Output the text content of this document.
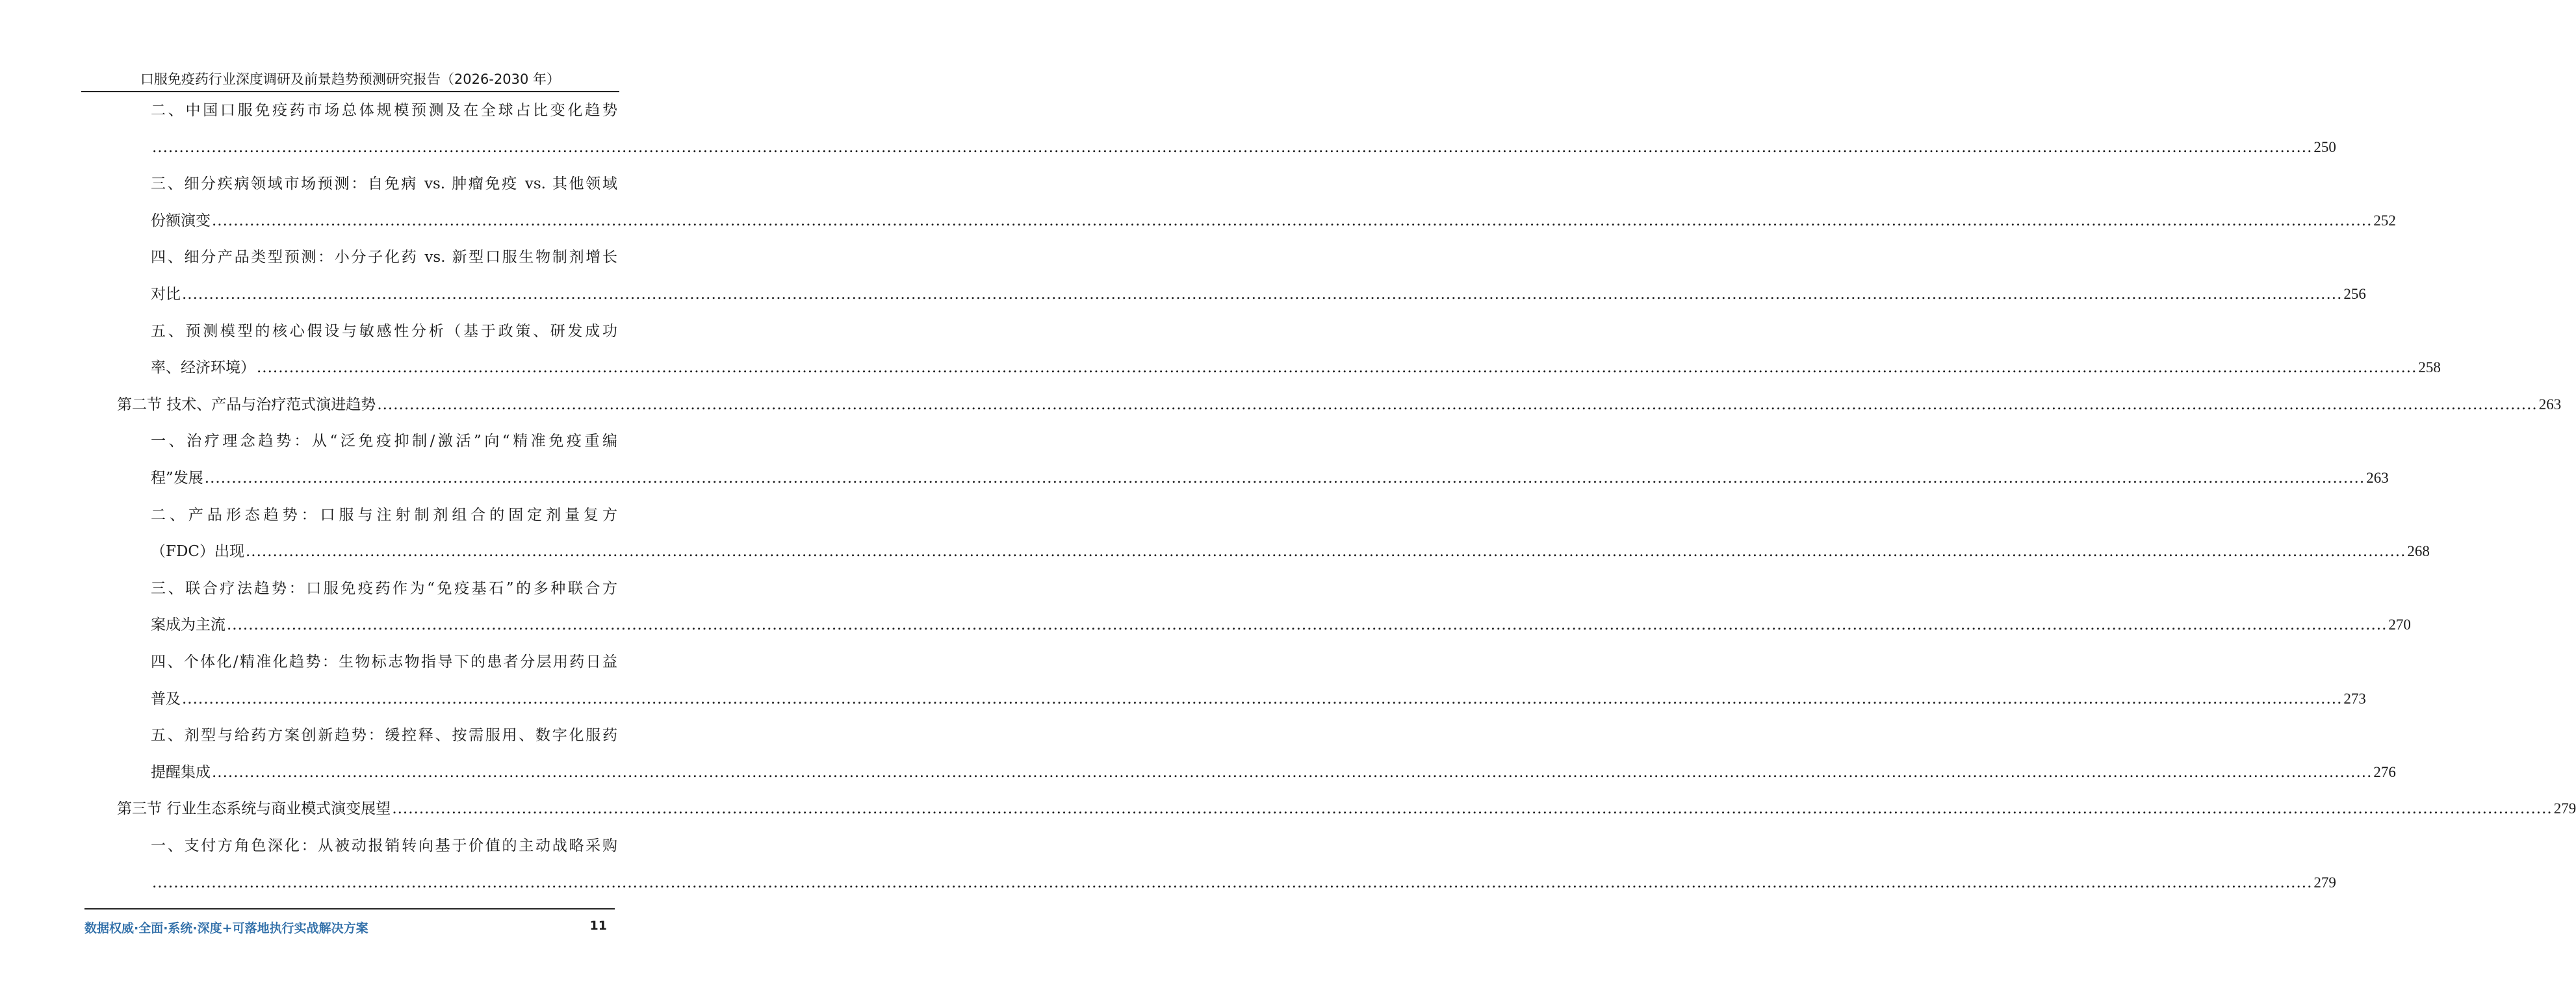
口服免疫药行业深度调研及前景趋势预测研究报告（2026-2030 年）
二、中国口服免疫药市场总体规模预测及在全球占比变化趋势
................................................................................................................................................................................................................................................................................................................................................................................................................ 250
三、细分疾病领域市场预测：自免病 vs. 肿瘤免疫 vs. 其他领域
份额演变 ................................................................................................................................................................................................................................................................................................................................................................................................................ 252
四、细分产品类型预测：小分子化药 vs. 新型口服生物制剂增长
对比 ................................................................................................................................................................................................................................................................................................................................................................................................................ 256
五、预测模型的核心假设与敏感性分析（基于政策、研发成功
率、经济环境） ................................................................................................................................................................................................................................................................................................................................................................................................................ 258
第二节 技术、产品与治疗范式演进趋势 ................................................................................................................................................................................................................................................................................................................................................................................................................ 263
一、治疗理念趋势：从“泛免疫抑制/激活”向“精准免疫重编
程”发展 ................................................................................................................................................................................................................................................................................................................................................................................................................ 263
二、产品形态趋势：口服与注射制剂组合的固定剂量复方
（FDC）出现 ................................................................................................................................................................................................................................................................................................................................................................................................................ 268
三、联合疗法趋势：口服免疫药作为“免疫基石”的多种联合方
案成为主流 ................................................................................................................................................................................................................................................................................................................................................................................................................ 270
四、个体化/精准化趋势：生物标志物指导下的患者分层用药日益
普及 ................................................................................................................................................................................................................................................................................................................................................................................................................ 273
五、剂型与给药方案创新趋势：缓控释、按需服用、数字化服药
提醒集成 ................................................................................................................................................................................................................................................................................................................................................................................................................ 276
第三节 行业生态系统与商业模式演变展望 ................................................................................................................................................................................................................................................................................................................................................................................................................ 279
一、支付方角色深化：从被动报销转向基于价值的主动战略采购
................................................................................................................................................................................................................................................................................................................................................................................................................ 279
数据权威·全面·系统·深度+可落地执行实战解决方案	11
